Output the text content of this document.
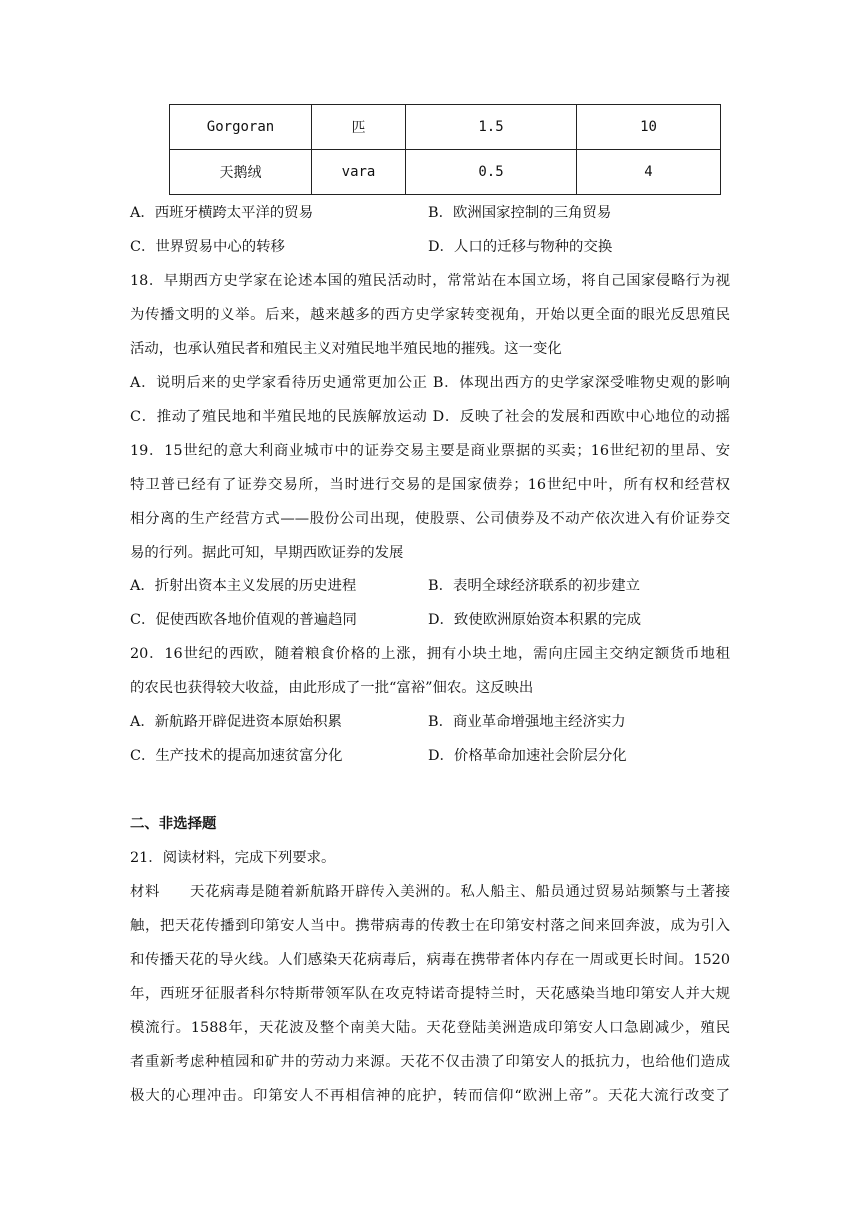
Gorgoran	匹	1.5	10
天鹅绒	vara	0.5	4
A．西班牙横跨太平洋的贸易	B．欧洲国家控制的三角贸易
C．世界贸易中心的转移	D．人口的迁移与物种的交换
18．早期西方史学家在论述本国的殖民活动时，常常站在本国立场，将自己国家侵略行为视
为传播文明的义举。后来，越来越多的西方史学家转变视角，开始以更全面的眼光反思殖民
活动，也承认殖民者和殖民主义对殖民地半殖民地的摧残。这一变化
A．说明后来的史学家看待历史通常更加公正 B．体现出西方的史学家深受唯物史观的影响
C．推动了殖民地和半殖民地的民族解放运动 D．反映了社会的发展和西欧中心地位的动摇
19．15世纪的意大利商业城市中的证券交易主要是商业票据的买卖；16世纪初的里昂、安
特卫普已经有了证券交易所，当时进行交易的是国家债券；16世纪中叶，所有权和经营权
相分离的生产经营方式——股份公司出现，使股票、公司债券及不动产依次进入有价证券交
易的行列。据此可知，早期西欧证券的发展
A．折射出资本主义发展的历史进程	B．表明全球经济联系的初步建立
C．促使西欧各地价值观的普遍趋同	D．致使欧洲原始资本积累的完成
20．16世纪的西欧，随着粮食价格的上涨，拥有小块土地，需向庄园主交纳定额货币地租
的农民也获得较大收益，由此形成了一批“富裕”佃农。这反映出
A．新航路开辟促进资本原始积累	B．商业革命增强地主经济实力
C．生产技术的提高加速贫富分化	D．价格革命加速社会阶层分化
二、非选择题
21．阅读材料，完成下列要求。
材料　　天花病毒是随着新航路开辟传入美洲的。私人船主、船员通过贸易站频繁与土著接
触，把天花传播到印第安人当中。携带病毒的传教士在印第安村落之间来回奔波，成为引入
和传播天花的导火线。人们感染天花病毒后，病毒在携带者体内存在一周或更长时间。1520
年，西班牙征服者科尔特斯带领军队在攻克特诺奇提特兰时，天花感染当地印第安人并大规
模流行。1588年，天花波及整个南美大陆。天花登陆美洲造成印第安人口急剧减少，殖民
者重新考虑种植园和矿井的劳动力来源。天花不仅击溃了印第安人的抵抗力，也给他们造成
极大的心理冲击。印第安人不再相信神的庇护，转而信仰“欧洲上帝”。天花大流行改变了
